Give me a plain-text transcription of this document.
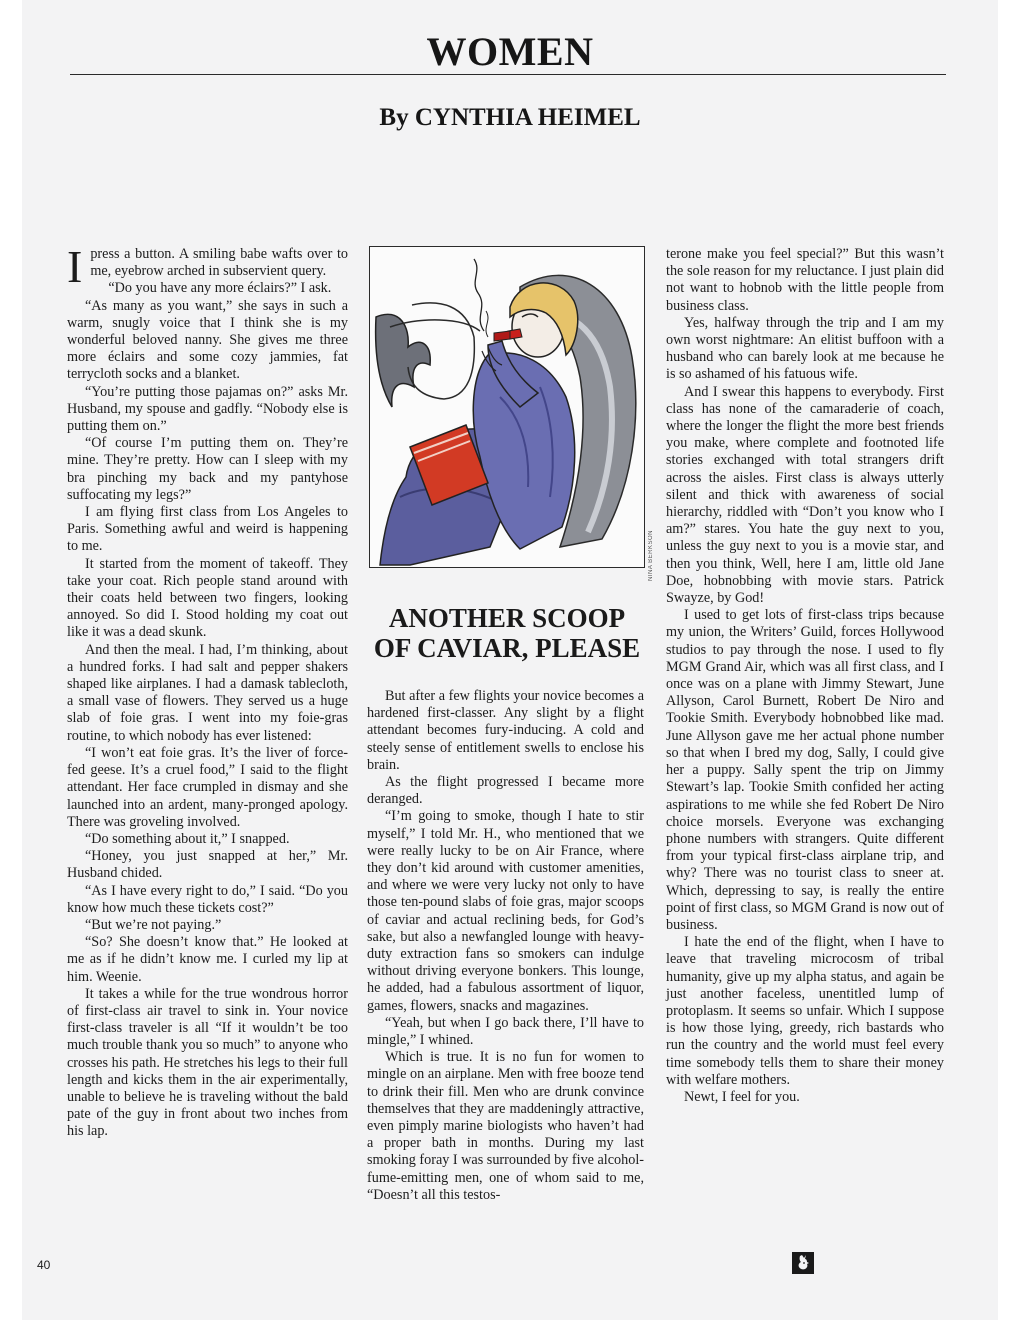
WOMEN
By CYNTHIA HEIMEL

Ipress a button. A smiling babe wafts over to me, eyebrow arched in subservient query.

“Do you have any more éclairs?” I ask.

“As many as you want,” she says in such a warm, snugly voice that I think she is my wonderful beloved nanny. She gives me three more éclairs and some cozy jammies, fat terrycloth socks and a blanket.

“You’re putting those pajamas on?” asks Mr. Husband, my spouse and gadfly. “Nobody else is putting them on.”

“Of course I’m putting them on. They’re mine. They’re pretty. How can I sleep with my bra pinching my back and my pantyhose suffocating my legs?”

I am flying first class from Los Angeles to Paris. Something awful and weird is happening to me.

It started from the moment of takeoff. They take your coat. Rich people stand around with their coats held between two fingers, looking annoyed. So did I. Stood holding my coat out like it was a dead skunk.

And then the meal. I had, I’m thinking, about a hundred forks. I had salt and pepper shakers shaped like airplanes. I had a damask tablecloth, a small vase of flowers. They served us a huge slab of foie gras. I went into my foie-gras routine, to which nobody has ever listened:

“I won’t eat foie gras. It’s the liver of force-fed geese. It’s a cruel food,” I said to the flight attendant. Her face crumpled in dismay and she launched into an ardent, many-pronged apology. There was groveling involved.

“Do something about it,” I snapped.

“Honey, you just snapped at her,” Mr. Husband chided.

“As I have every right to do,” I said. “Do you know how much these tickets cost?”

“But we’re not paying.”

“So? She doesn’t know that.” He looked at me as if he didn’t know me. I curled my lip at him. Weenie.

It takes a while for the true wondrous horror of first-class air travel to sink in. Your novice first-class traveler is all “If it wouldn’t be too much trouble thank you so much” to anyone who crosses his path. He stretches his legs to their full length and kicks them in the air experimentally, unable to believe he is traveling without the bald pate of the guy in front about two inches from his lap.

NINA BERKSON
ANOTHER SCOOP
OF CAVIAR, PLEASE

But after a few flights your novice becomes a hardened first-classer. Any slight by a flight attendant becomes fury-inducing. A cold and steely sense of entitlement swells to enclose his brain.

As the flight progressed I became more deranged.

“I’m going to smoke, though I hate to stir myself,” I told Mr. H., who mentioned that we were really lucky to be on Air France, where they don’t kid around with customer amenities, and where we were very lucky not only to have those ten-pound slabs of foie gras, major scoops of caviar and actual reclining beds, for God’s sake, but also a newfangled lounge with heavy-duty extraction fans so smokers can indulge without driving everyone bonkers. This lounge, he added, had a fabulous assortment of liquor, games, flowers, snacks and magazines.

“Yeah, but when I go back there, I’ll have to mingle,” I whined.

Which is true. It is no fun for women to mingle on an airplane. Men with free booze tend to drink their fill. Men who are drunk convince themselves that they are maddeningly attractive, even pimply marine biologists who haven’t had a proper bath in months. During my last smoking foray I was surrounded by five alcohol-fume-emitting men, one of whom said to me, “Doesn’t all this testos-

terone make you feel special?” But this wasn’t the sole reason for my reluctance. I just plain did not want to hobnob with the little people from business class.

Yes, halfway through the trip and I am my own worst nightmare: An elitist buffoon with a husband who can barely look at me because he is so ashamed of his fatuous wife.

And I swear this happens to everybody. First class has none of the camaraderie of coach, where the longer the flight the more best friends you make, where complete and footnoted life stories exchanged with total strangers drift across the aisles. First class is always utterly silent and thick with awareness of social hierarchy, riddled with “Don’t you know who I am?” stares. You hate the guy next to you, unless the guy next to you is a movie star, and then you think, Well, here I am, little old Jane Doe, hobnobbing with movie stars. Patrick Swayze, by God!

I used to get lots of first-class trips because my union, the Writers’ Guild, forces Hollywood studios to pay through the nose. I used to fly MGM Grand Air, which was all first class, and I once was on a plane with Jimmy Stewart, June Allyson, Carol Burnett, Robert De Niro and Tookie Smith. Everybody hobnobbed like mad. June Allyson gave me her actual phone number so that when I bred my dog, Sally, I could give her a puppy. Sally spent the trip on Jimmy Stewart’s lap. Tookie Smith confided her acting aspirations to me while she fed Robert De Niro choice morsels. Everyone was exchanging phone numbers with strangers. Quite different from your typical first-class airplane trip, and why? There was no tourist class to sneer at. Which, depressing to say, is really the entire point of first class, so MGM Grand is now out of business.

I hate the end of the flight, when I have to leave that traveling microcosm of tribal humanity, give up my alpha status, and again be just another faceless, unentitled lump of protoplasm. It seems so unfair. Which I suppose is how those lying, greedy, rich bastards who run the country and the world must feel every time somebody tells them to share their money with welfare mothers.

Newt, I feel for you.

40
